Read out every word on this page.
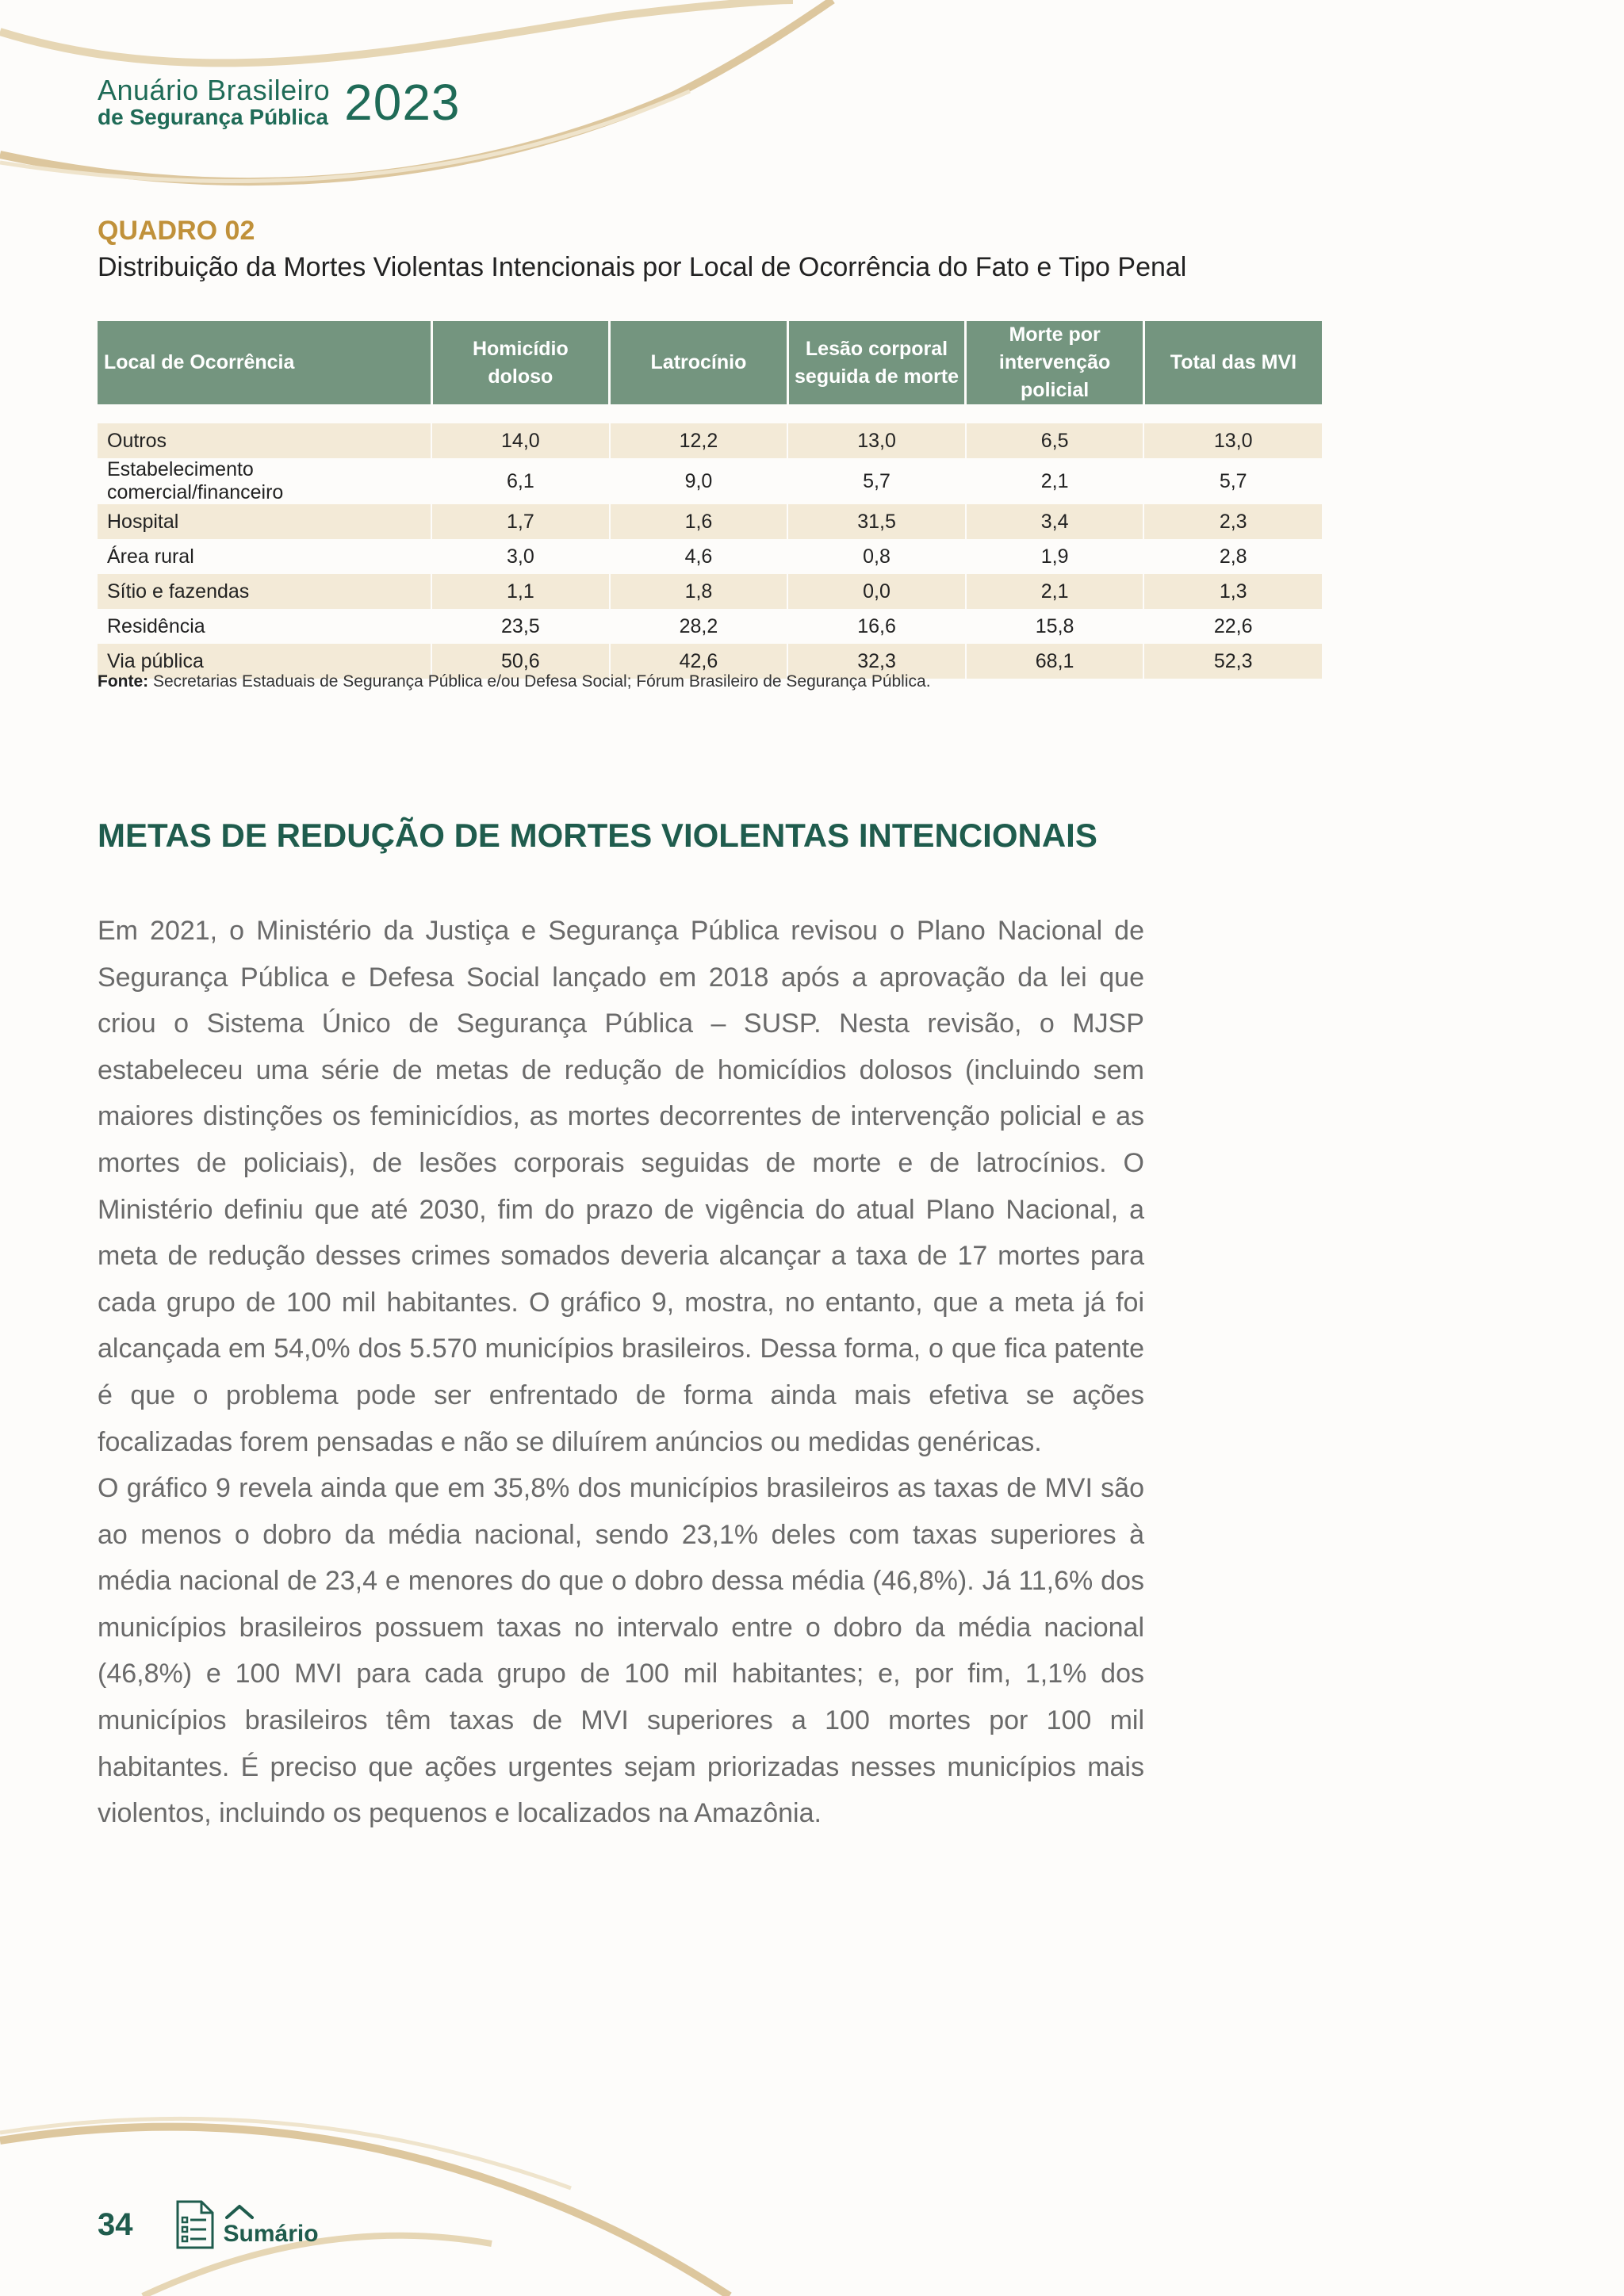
Anuário Brasileiro
de Segurança Pública 2023
QUADRO 02
Distribuição da Mortes Violentas Intencionais por Local de Ocorrência do Fato e Tipo Penal
Local de Ocorrência	Homicídio doloso	Latrocínio	Lesão corporal seguida de morte	Morte por intervenção policial	Total das MVI

Outros	14,0	12,2	13,0	6,5	13,0
Estabelecimento comercial/financeiro	6,1	9,0	5,7	2,1	5,7
Hospital	1,7	1,6	31,5	3,4	2,3
Área rural	3,0	4,6	0,8	1,9	2,8
Sítio e fazendas	1,1	1,8	0,0	2,1	1,3
Residência	23,5	28,2	16,6	15,8	22,6
Via pública	50,6	42,6	32,3	68,1	52,3
Fonte: Secretarias Estaduais de Segurança Pública e/ou Defesa Social; Fórum Brasileiro de Segurança Pública.
METAS DE REDUÇÃO DE MORTES VIOLENTAS INTENCIONAIS

Em 2021, o Ministério da Justiça e Segurança Pública revisou o Plano Nacional de Segurança Pública e Defesa Social lançado em 2018 após a aprovação da lei que criou o Sistema Único de Segurança Pública – SUSP. Nesta revisão, o MJSP estabeleceu uma série de metas de redução de homicídios dolosos (incluindo sem maiores distinções os feminicídios, as mortes decorrentes de intervenção policial e as mortes de policiais), de lesões corporais seguidas de morte e de latrocínios. O Ministério definiu que até 2030, fim do prazo de vigência do atual Plano Nacional, a meta de redução desses crimes somados deveria alcançar a taxa de 17 mortes para cada grupo de 100 mil habitantes. O gráfico 9, mostra, no entanto, que a meta já foi alcançada em 54,0% dos 5.570 municípios brasileiros. Dessa forma, o que fica patente é que o problema pode ser enfrentado de forma ainda mais efetiva se ações focalizadas forem pensadas e não se diluírem anúncios ou medidas genéricas.

O gráfico 9 revela ainda que em 35,8% dos municípios brasileiros as taxas de MVI são ao menos o dobro da média nacional, sendo 23,1% deles com taxas superiores à média nacional de 23,4 e menores do que o dobro dessa média (46,8%). Já 11,6% dos municípios brasileiros possuem taxas no intervalo entre o dobro da média nacional (46,8%) e 100 MVI para cada grupo de 100 mil habitantes; e, por fim, 1,1% dos municípios brasileiros têm taxas de MVI superiores a 100 mortes por 100 mil habitantes. É preciso que ações urgentes sejam priorizadas nesses municípios mais violentos, incluindo os pequenos e localizados na Amazônia.

34	Sumário
